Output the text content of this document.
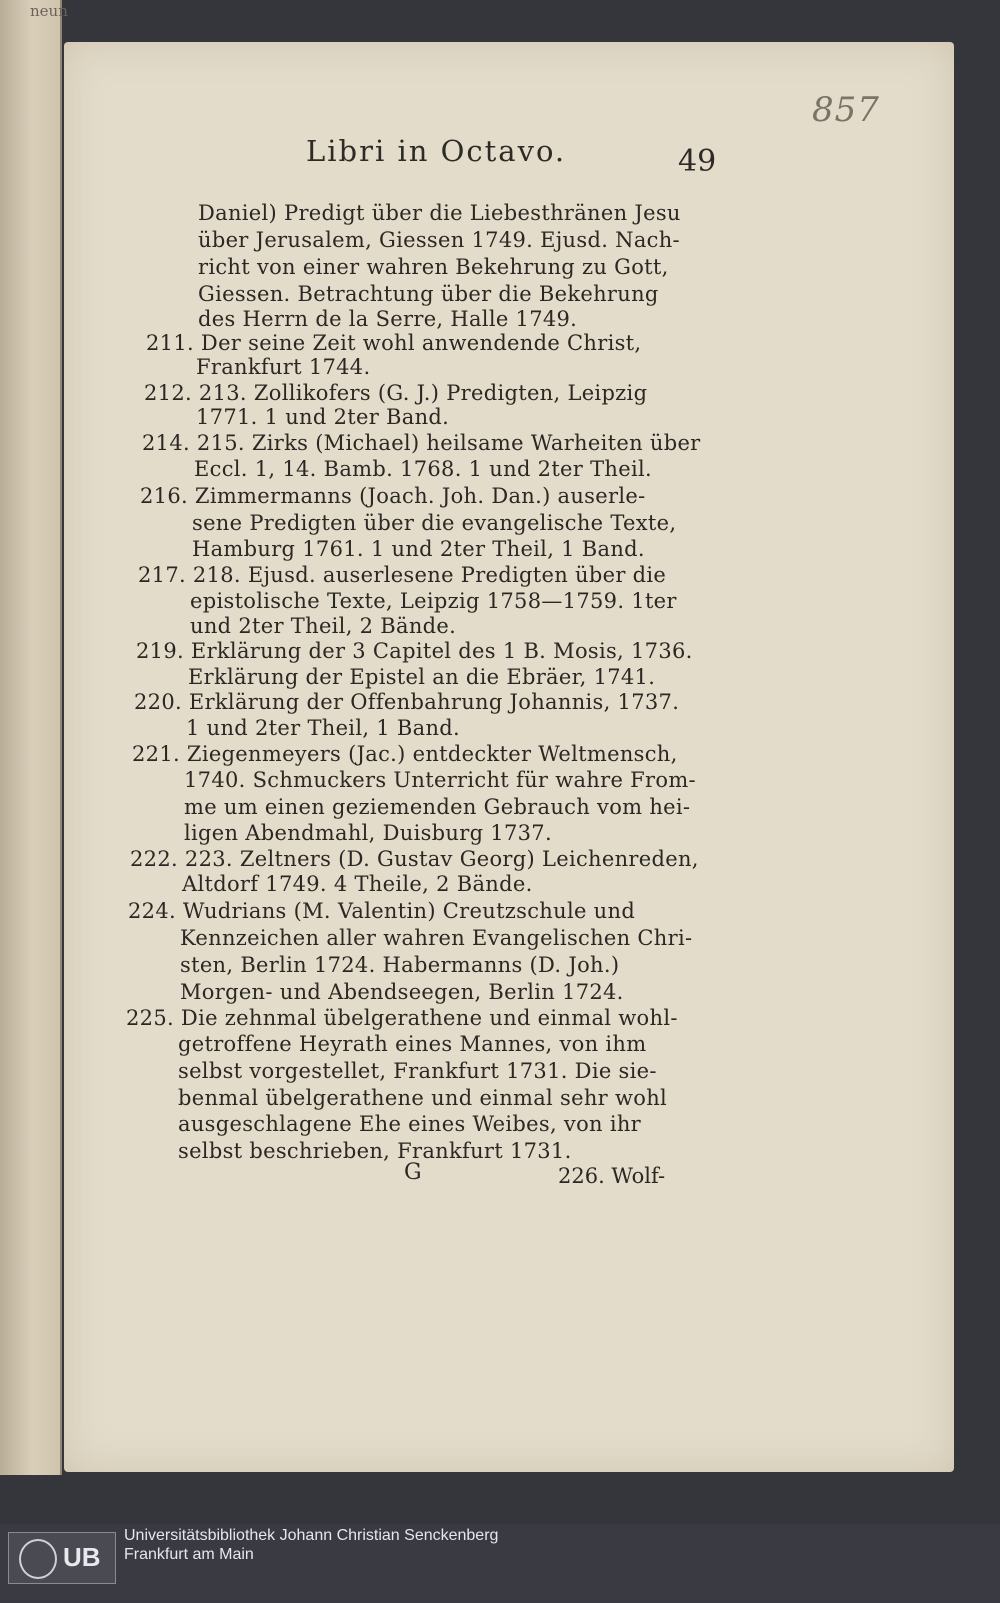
neun
857
Libri in Octavo.	49
Daniel) Predigt über die Liebesthränen Jesu
über Jerusalem, Giessen 1749. Ejusd. Nach-
richt von einer wahren Bekehrung zu Gott,
Giessen. Betrachtung über die Bekehrung
des Herrn de la Serre, Halle 1749.
211. Der seine Zeit wohl anwendende Christ,
Frankfurt 1744.
212. 213. Zollikofers (G. J.) Predigten, Leipzig
1771. 1 und 2ter Band.
214. 215. Zirks (Michael) heilsame Warheiten über
Eccl. 1, 14. Bamb. 1768. 1 und 2ter Theil.
216. Zimmermanns (Joach. Joh. Dan.) auserle-
sene Predigten über die evangelische Texte,
Hamburg 1761. 1 und 2ter Theil, 1 Band.
217. 218. Ejusd. auserlesene Predigten über die
epistolische Texte, Leipzig 1758—1759. 1ter
und 2ter Theil, 2 Bände.
219. Erklärung der 3 Capitel des 1 B. Mosis, 1736.
Erklärung der Epistel an die Ebräer, 1741.
220. Erklärung der Offenbahrung Johannis, 1737.
1 und 2ter Theil, 1 Band.
221. Ziegenmeyers (Jac.) entdeckter Weltmensch,
1740. Schmuckers Unterricht für wahre From-
me um einen geziemenden Gebrauch vom hei-
ligen Abendmahl, Duisburg 1737.
222. 223. Zeltners (D. Gustav Georg) Leichenreden,
Altdorf 1749. 4 Theile, 2 Bände.
224. Wudrians (M. Valentin) Creutzschule und
Kennzeichen aller wahren Evangelischen Chri-
sten, Berlin 1724. Habermanns (D. Joh.)
Morgen- und Abendseegen, Berlin 1724.
225. Die zehnmal übelgerathene und einmal wohl-
getroffene Heyrath eines Mannes, von ihm
selbst vorgestellet, Frankfurt 1731. Die sie-
benmal übelgerathene und einmal sehr wohl
ausgeschlagene Ehe eines Weibes, von ihr
selbst beschrieben, Frankfurt 1731.
G	226. Wolf-
UB
Universitätsbibliothek Johann Christian Senckenberg
Frankfurt am Main
